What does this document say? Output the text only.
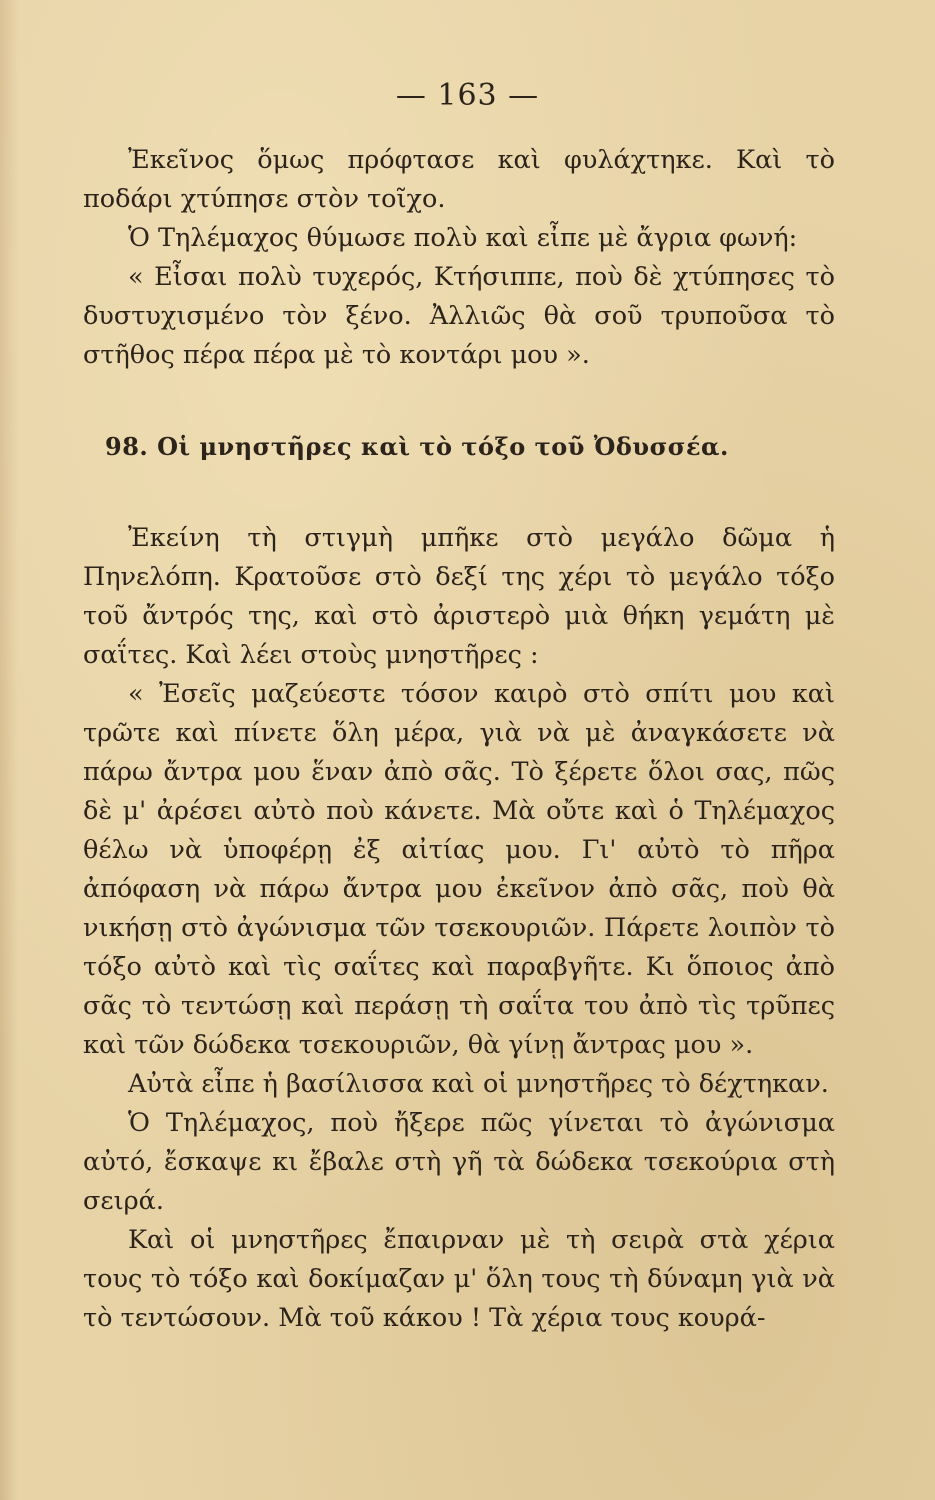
— 163 —

Ἐκεῖνος ὅμως πρόφτασε καὶ φυλάχτηκε. Καὶ τὸ ποδάρι χτύπησε στὸν τοῖχο.

Ὁ Τηλέμαχος θύμωσε πολὺ καὶ εἶπε μὲ ἄγρια φωνή:

« Εἶσαι πολὺ τυχερός, Κτήσιππε, ποὺ δὲ χτύπησες τὸ δυστυχισμένο τὸν ξένο. Ἀλλιῶς θὰ σοῦ τρυποῦσα τὸ στῆθος πέρα πέρα μὲ τὸ κοντάρι μου ».

98. Οἱ μνηστῆρες καὶ τὸ τόξο τοῦ Ὀδυσσέα.

Ἐκείνη τὴ στιγμὴ μπῆκε στὸ μεγάλο δῶμα ἡ Πηνελόπη. Κρατοῦσε στὸ δεξί της χέρι τὸ μεγάλο τόξο τοῦ ἄντρός της, καὶ στὸ ἀριστερὸ μιὰ θήκη γεμάτη μὲ σαΐτες. Καὶ λέει στοὺς μνηστῆρες :

« Ἐσεῖς μαζεύεστε τόσον καιρὸ στὸ σπίτι μου καὶ τρῶτε καὶ πίνετε ὅλη μέρα, γιὰ νὰ μὲ ἀναγκάσετε νὰ πάρω ἄντρα μου ἕναν ἀπὸ σᾶς. Τὸ ξέρετε ὅλοι σας, πῶς δὲ μ' ἀρέσει αὐτὸ ποὺ κάνετε. Μὰ οὔτε καὶ ὁ Τηλέμαχος θέλω νὰ ὑποφέρῃ ἐξ αἰτίας μου. Γι' αὐτὸ τὸ πῆρα ἀπόφαση νὰ πάρω ἄντρα μου ἐκεῖνον ἀπὸ σᾶς, ποὺ θὰ νικήσῃ στὸ ἀγώνισμα τῶν τσεκουριῶν. Πάρετε λοιπὸν τὸ τόξο αὐτὸ καὶ τὶς σαΐτες καὶ παραβγῆτε. Κι ὅποιος ἀπὸ σᾶς τὸ τεντώσῃ καὶ περάσῃ τὴ σαΐτα του ἀπὸ τὶς τρῦπες καὶ τῶν δώδεκα τσεκουριῶν, θὰ γίνῃ ἄντρας μου ».

Αὐτὰ εἶπε ἡ βασίλισσα καὶ οἱ μνηστῆρες τὸ δέχτηκαν.

Ὁ Τηλέμαχος, ποὺ ἤξερε πῶς γίνεται τὸ ἀγώνισμα αὐτό, ἔσκαψε κι ἔβαλε στὴ γῆ τὰ δώδεκα τσεκούρια στὴ σειρά.

Καὶ οἱ μνηστῆρες ἔπαιρναν μὲ τὴ σειρὰ στὰ χέρια τους τὸ τόξο καὶ δοκίμαζαν μ' ὅλη τους τὴ δύναμη γιὰ νὰ τὸ τεντώσουν. Μὰ τοῦ κάκου ! Τὰ χέρια τους κουρά-
